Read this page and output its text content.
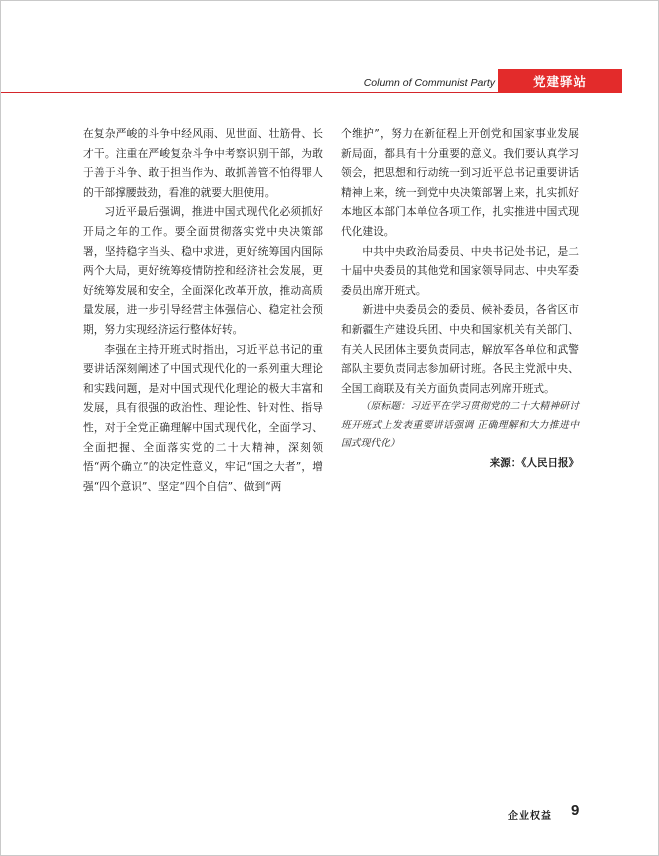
Column of Communist Party	党建驿站

在复杂严峻的斗争中经风雨、见世面、壮筋骨、长才干。注重在严峻复杂斗争中考察识别干部，为敢于善于斗争、敢于担当作为、敢抓善管不怕得罪人的干部撑腰鼓劲，看准的就要大胆使用。

习近平最后强调，推进中国式现代化必须抓好开局之年的工作。要全面贯彻落实党中央决策部署，坚持稳字当头、稳中求进，更好统筹国内国际两个大局，更好统筹疫情防控和经济社会发展，更好统筹发展和安全，全面深化改革开放，推动高质量发展，进一步引导经营主体强信心、稳定社会预期，努力实现经济运行整体好转。

李强在主持开班式时指出，习近平总书记的重要讲话深刻阐述了中国式现代化的一系列重大理论和实践问题，是对中国式现代化理论的极大丰富和发展，具有很强的政治性、理论性、针对性、指导性，对于全党正确理解中国式现代化，全面学习、全面把握、全面落实党的二十大精神，深刻领悟“两个确立”的决定性意义，牢记“国之大者”，增强“四个意识”、坚定“四个自信”、做到“两

个维护”，努力在新征程上开创党和国家事业发展新局面，都具有十分重要的意义。我们要认真学习领会，把思想和行动统一到习近平总书记重要讲话精神上来，统一到党中央决策部署上来，扎实抓好本地区本部门本单位各项工作，扎实推进中国式现代化建设。

中共中央政治局委员、中央书记处书记，是二十届中央委员的其他党和国家领导同志、中央军委委员出席开班式。

新进中央委员会的委员、候补委员，各省区市和新疆生产建设兵团、中央和国家机关有关部门、有关人民团体主要负责同志，解放军各单位和武警部队主要负责同志参加研讨班。各民主党派中央、全国工商联及有关方面负责同志列席开班式。

（原标题：习近平在学习贯彻党的二十大精神研讨班开班式上发表重要讲话强调 正确理解和大力推进中国式现代化）

来源：《人民日报》

企业权益 9
